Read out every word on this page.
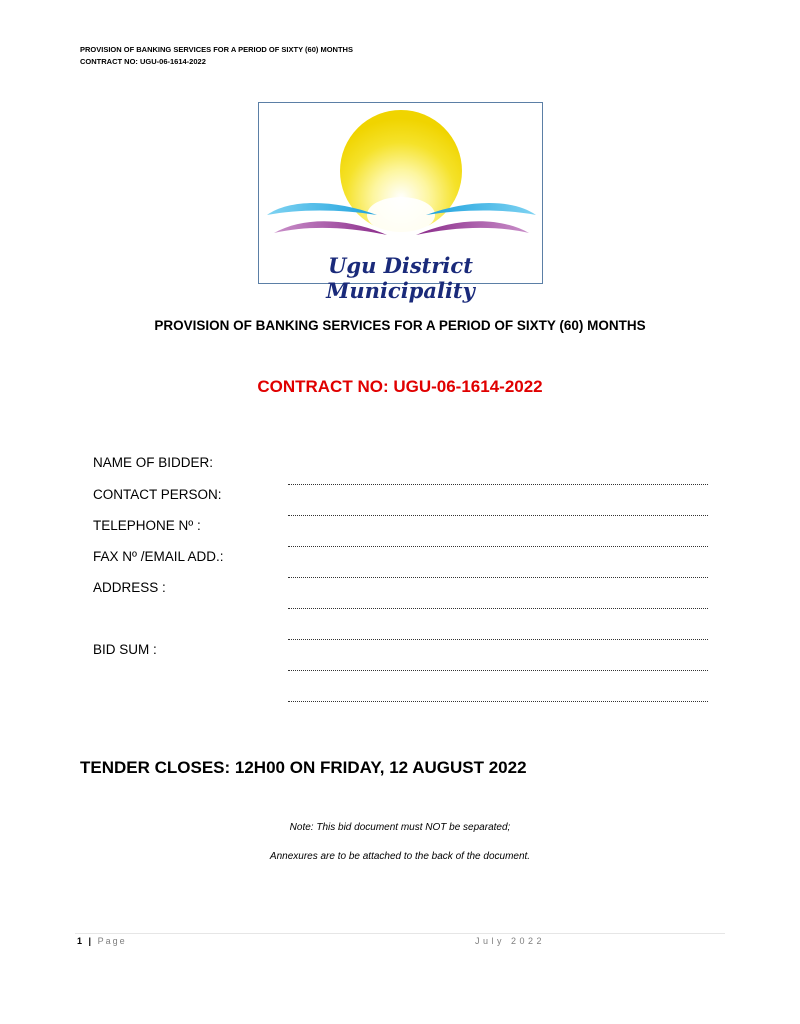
PROVISION OF BANKING SERVICES FOR A PERIOD OF SIXTY (60) MONTHS
CONTRACT NO: UGU-06-1614-2022
Ugu District Municipality
PROVISION OF BANKING SERVICES FOR A PERIOD OF SIXTY (60) MONTHS
CONTRACT NO: UGU-06-1614-2022
NAME OF BIDDER:
CONTACT PERSON:
TELEPHONE Nº :
FAX Nº /EMAIL ADD.:
ADDRESS :
BID SUM :
TENDER CLOSES: 12H00 ON FRIDAY, 12 AUGUST 2022
Note: This bid document must NOT be separated;
Annexures are to be attached to the back of the document.
1 | Page	July 2022
